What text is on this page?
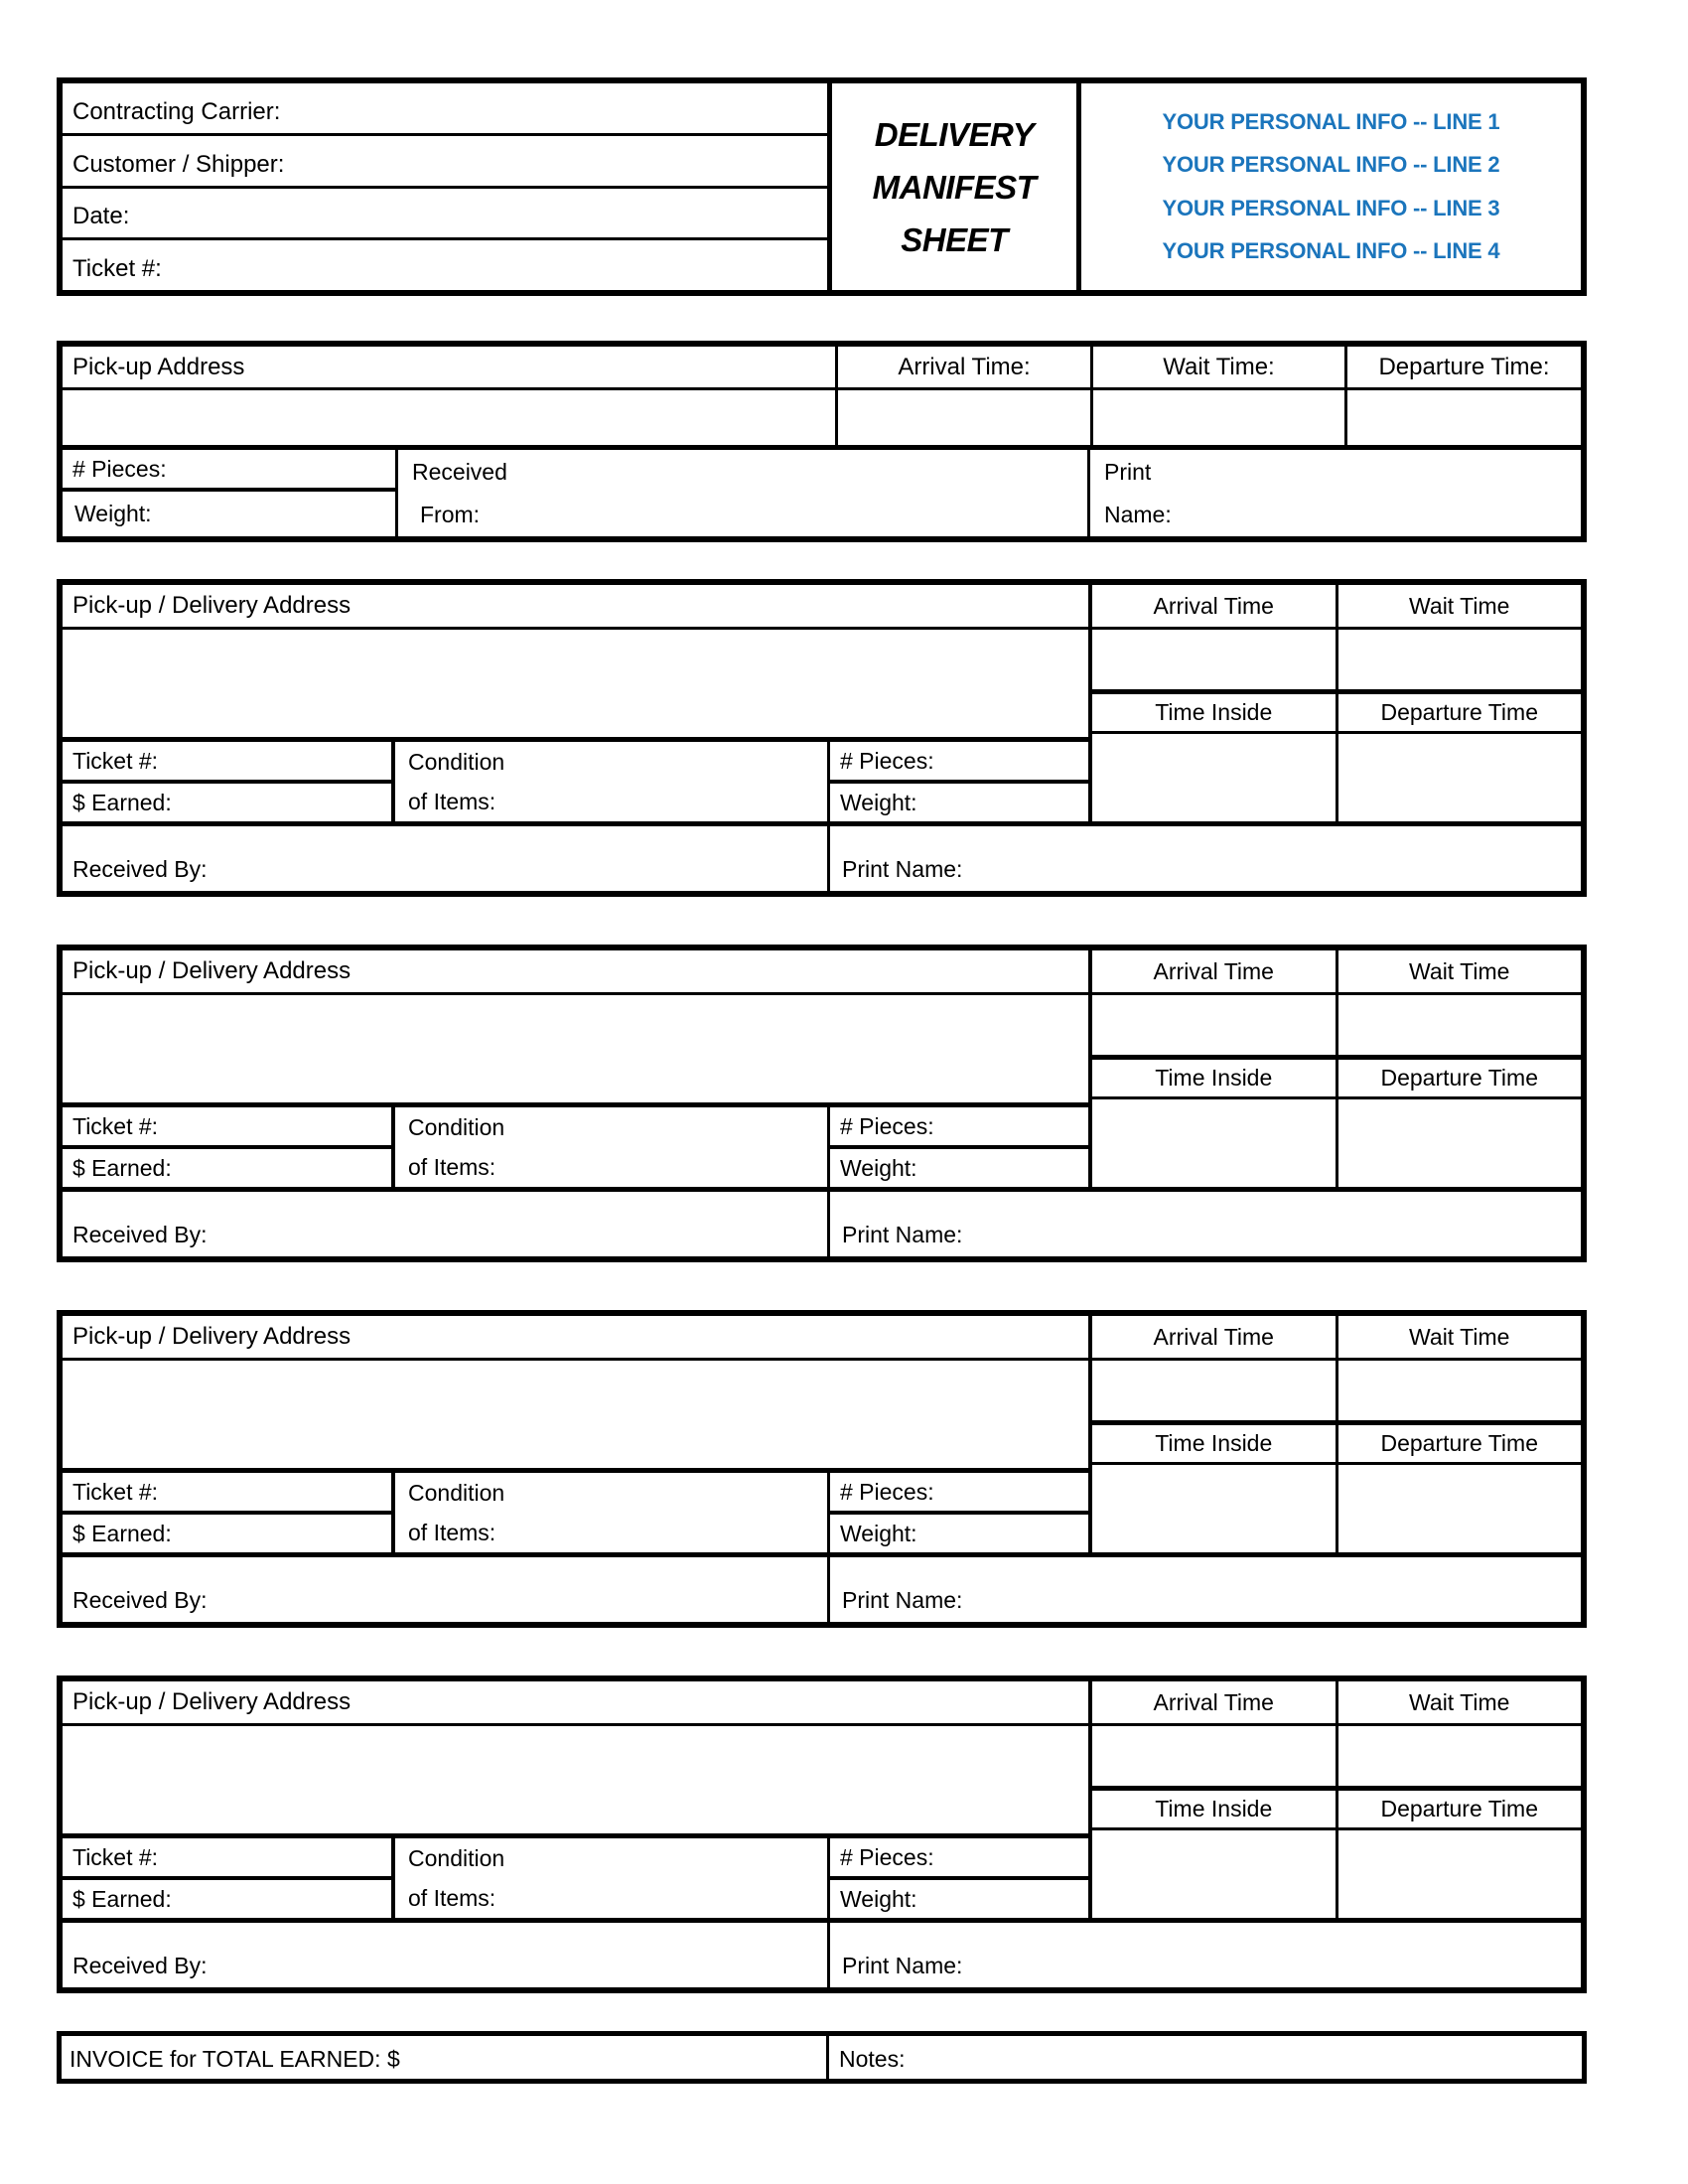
Contracting Carrier:
Customer / Shipper:
Date:
Ticket #:
DELIVERY
MANIFEST
SHEET
YOUR PERSONAL INFO -- LINE 1
YOUR PERSONAL INFO -- LINE 2
YOUR PERSONAL INFO -- LINE 3
YOUR PERSONAL INFO -- LINE 4
Pick-up Address	Arrival Time:	Wait Time:	Departure Time:
# Pieces:
Weight:
Received
From:
Print
Name:
Pick-up / Delivery Address
Ticket #:
$ Earned:
Condition
of Items:
# Pieces:
Weight:
Arrival Time	Wait Time
Time Inside	Departure Time
Received By:	Print Name:
Pick-up / Delivery Address
Ticket #:
$ Earned:
Condition
of Items:
# Pieces:
Weight:
Arrival Time	Wait Time
Time Inside	Departure Time
Received By:	Print Name:
Pick-up / Delivery Address
Ticket #:
$ Earned:
Condition
of Items:
# Pieces:
Weight:
Arrival Time	Wait Time
Time Inside	Departure Time
Received By:	Print Name:
Pick-up / Delivery Address
Ticket #:
$ Earned:
Condition
of Items:
# Pieces:
Weight:
Arrival Time	Wait Time
Time Inside	Departure Time
Received By:	Print Name:
INVOICE for TOTAL EARNED: $	Notes:
